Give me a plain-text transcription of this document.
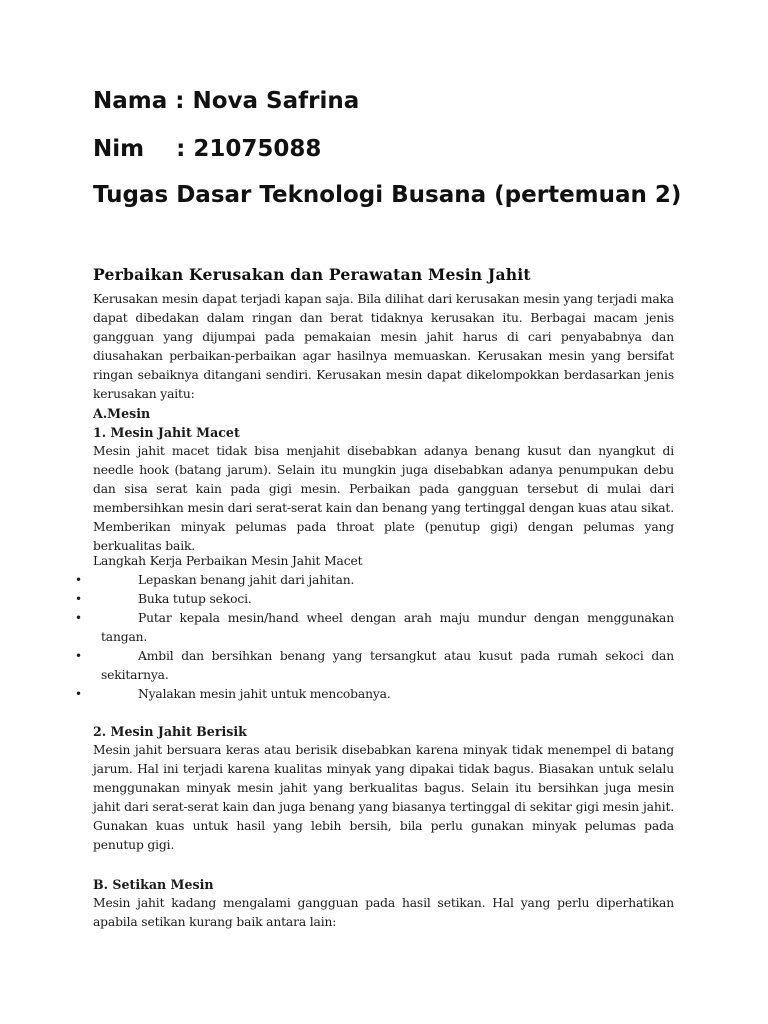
Nama : Nova Safrina
Nim    : 21075088
Tugas Dasar Teknologi Busana (pertemuan 2)
Perbaikan Kerusakan dan Perawatan Mesin Jahit

Kerusakan mesin dapat terjadi kapan saja. Bila dilihat dari kerusakan mesin yang terjadi maka dapat dibedakan dalam ringan dan berat tidaknya kerusakan itu. Berbagai macam jenis gangguan yang dijumpai pada pemakaian mesin jahit harus di cari penyababnya dan diusahakan perbaikan-perbaikan agar hasilnya memuaskan. Kerusakan mesin yang bersifat ringan sebaiknya ditangani sendiri. Kerusakan mesin dapat dikelompokkan berdasarkan jenis kerusakan yaitu:

A.Mesin
1. Mesin Jahit Macet

Mesin jahit macet tidak bisa menjahit disebabkan adanya benang kusut dan nyangkut di needle hook (batang jarum). Selain itu mungkin juga disebabkan adanya penumpukan debu dan sisa serat kain pada gigi mesin. Perbaikan pada gangguan tersebut di mulai dari membersihkan mesin dari serat-serat kain dan benang yang tertinggal dengan kuas atau sikat. Memberikan minyak pelumas pada throat plate (penutup gigi) dengan pelumas yang berkualitas baik.

Langkah Kerja Perbaikan Mesin Jahit Macet

•	Lepaskan benang jahit dari jahitan.
•	Buka tutup sekoci.
•	Putar kepala mesin/hand wheel dengan arah maju mundur dengan menggunakan tangan.
•	Ambil dan bersihkan benang yang tersangkut atau kusut pada rumah sekoci dan sekitarnya.
•	Nyalakan mesin jahit untuk mencobanya.
2. Mesin Jahit Berisik

Mesin jahit bersuara keras atau berisik disebabkan karena minyak tidak menempel di batang jarum. Hal ini terjadi karena kualitas minyak yang dipakai tidak bagus. Biasakan untuk selalu menggunakan minyak mesin jahit yang berkualitas bagus. Selain itu bersihkan juga mesin jahit dari serat-serat kain dan juga benang yang biasanya tertinggal di sekitar gigi mesin jahit. Gunakan kuas untuk hasil yang lebih bersih, bila perlu gunakan minyak pelumas pada penutup gigi.

B. Setikan Mesin

Mesin jahit kadang mengalami gangguan pada hasil setikan. Hal yang perlu diperhatikan apabila setikan kurang baik antara lain:
